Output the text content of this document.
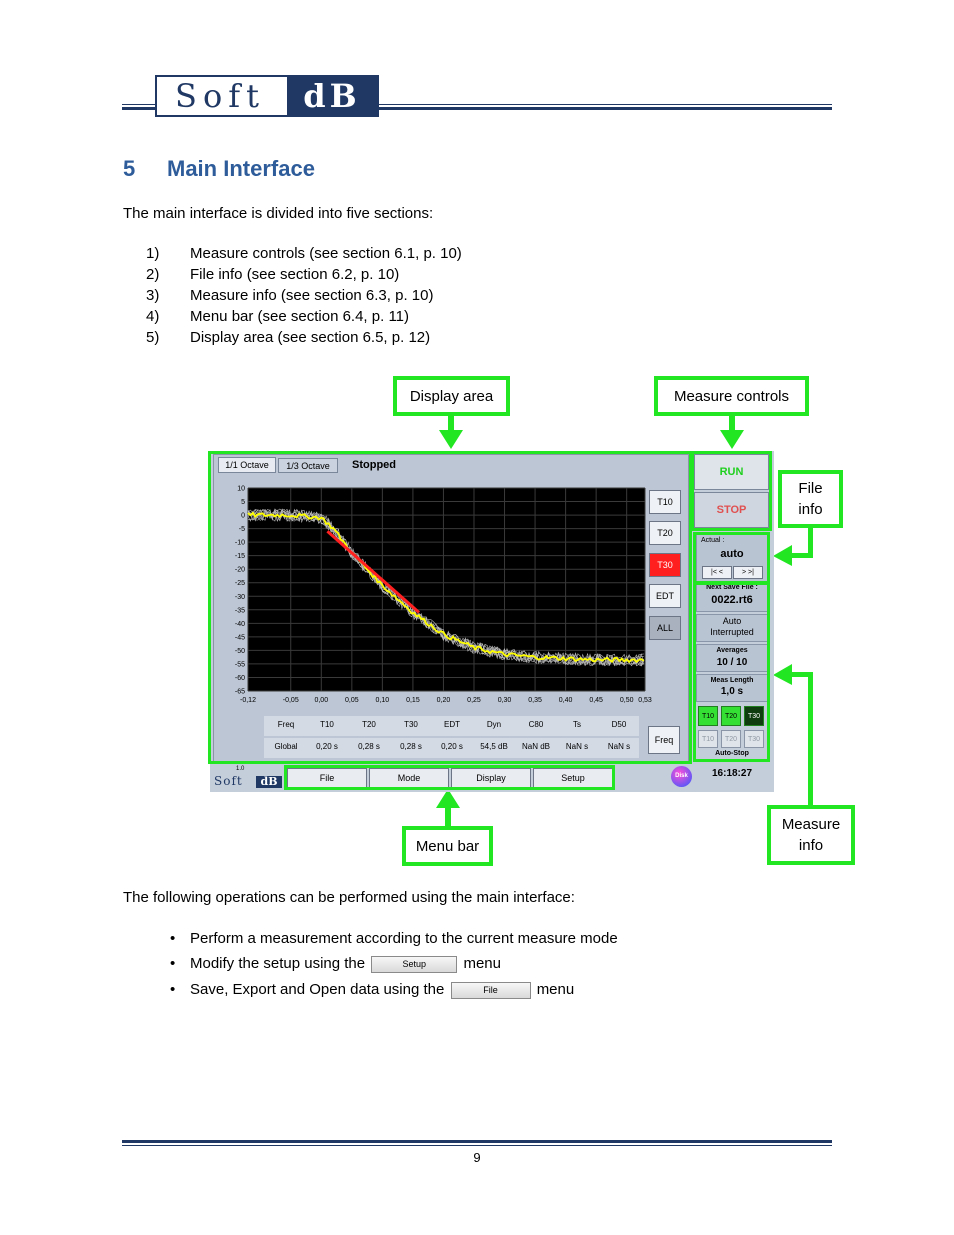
Soft	dB
5 Main Interface
The main interface is divided into five sections:
1) Measure controls (see section 6.1, p. 10)
2) File info (see section 6.2, p. 10)
3) Measure info (see section 6.3, p. 10)
4) Menu bar (see section 6.4, p. 11)
5) Display area (see section 6.5, p. 12)
Display area	Measure controls
File
info
Menu bar
Measure
info
1/1 Octave	1/3 Octave	Stopped
10
5
0
-5
-10
-15
-20
-25
-30
-35
-40
-45
-50
-55
-60
-65
-0,12	-0,05 0,00 0,05 0,10 0,15 0,20 0,25 0,30 0,35 0,40 0,45 0,50 0,53
T10
T20
T30
EDT
ALL
Freq
Freq	T10	T20	T30	EDT	Dyn	C80	Ts	D50
Global	0,20 s	0,28 s	0,28 s	0,20 s	54,5 dB	NaN dB	NaN s	NaN s
RUN
STOP
Actual :
auto
|< <	> >|
Next Save File :
0022.rt6
Auto
Interrupted
Averages
10 / 10
Meas Length
1,0 s
T10	T20	T30
T10	T20	T30
Auto-Stop
1.0
Soft	dB	File	Mode	Display	Setup	Disk	16:18:27
The following operations can be performed using the main interface:
• Perform a measurement according to the current measure mode
• Modify the setup using the	Setup menu
• Save, Export and Open data using the	File	menu
9
